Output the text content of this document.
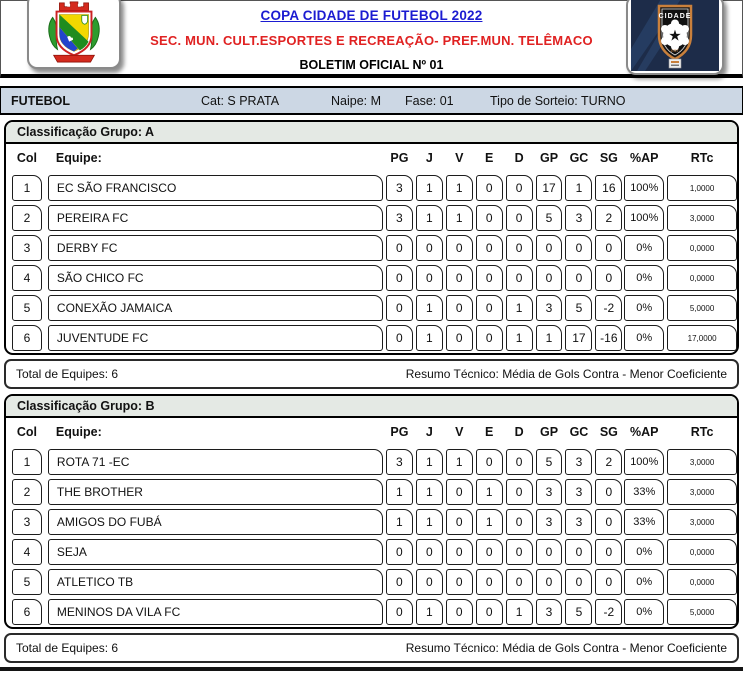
COPA CIDADE DE FUTEBOL 2022
SEC. MUN. CULT.ESPORTES E RECREAÇÃO- PREF.MUN. TELÊMACO
BOLETIM OFICIAL Nº 01
CIDADE
★
EST
FUTEBOL	Cat: S PRATA	Naipe: M Fase: 01	Tipo de Sorteio: TURNO
Classificação Grupo: A
Col	Equipe:	PG	J	V	E	D	GP GC SG %AP	RTc
1	EC SÃO FRANCISCO	3	1	1	0	0	17	1	16	100%	1,0000
2	PEREIRA FC	3	1	1	0	0	5	3	2	100%	3,0000
3	DERBY FC	0	0	0	0	0	0	0	0	0%	0,0000
4	SÃO CHICO FC	0	0	0	0	0	0	0	0	0%	0,0000
5	CONEXÃO JAMAICA	0	1	0	0	1	3	5	-2	0%	5,0000
6	JUVENTUDE FC	0	1	0	0	1	1	17	-16	0%	17,0000
Total de Equipes: 6	Resumo Técnico: Média de Gols Contra - Menor Coeficiente
Classificação Grupo: B
Col	Equipe:	PG	J	V	E	D	GP GC SG %AP	RTc
1	ROTA 71 -EC	3	1	1	0	0	5	3	2	100%	3,0000
2	THE BROTHER	1	1	0	1	0	3	3	0	33%	3,0000
3	AMIGOS DO FUBÁ	1	1	0	1	0	3	3	0	33%	3,0000
4	SEJA	0	0	0	0	0	0	0	0	0%	0,0000
5	ATLETICO TB	0	0	0	0	0	0	0	0	0%	0,0000
6	MENINOS DA VILA FC	0	1	0	0	1	3	5	-2	0%	5,0000
Total de Equipes: 6	Resumo Técnico: Média de Gols Contra - Menor Coeficiente
